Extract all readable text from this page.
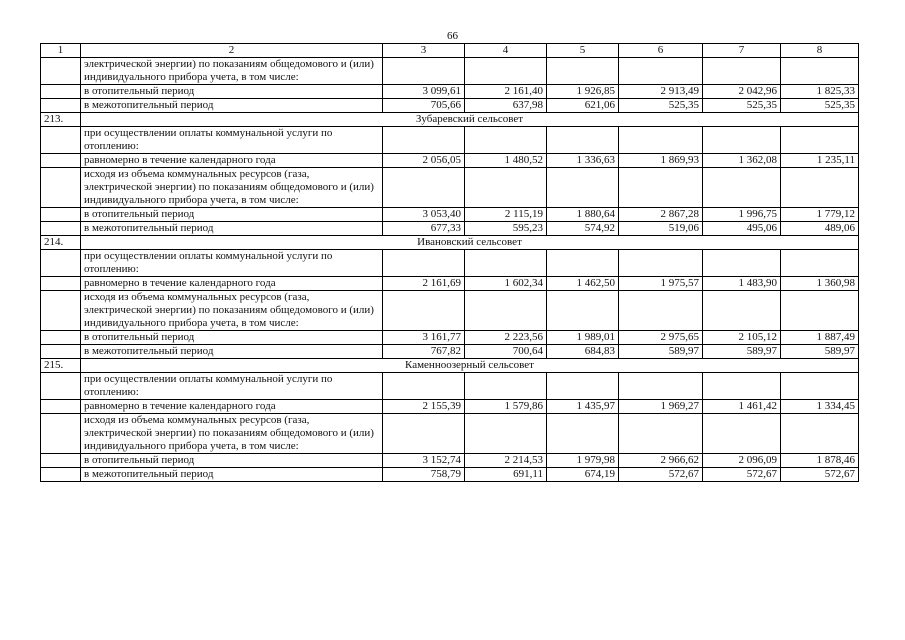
66
1	2	3	4	5	6	7	8
	электрической энергии) по показаниям общедомового и (или) индивидуального прибора учета, в том числе:						
	в отопительный период	3 099,61	2 161,40	1 926,85	2 913,49	2 042,96	1 825,33
	в межотопительный период	705,66	637,98	621,06	525,35	525,35	525,35
213.	Зубаревский сельсовет						
	при осуществлении оплаты коммунальной услуги по отоплению:						
	равномерно в течение календарного года	2 056,05	1 480,52	1 336,63	1 869,93	1 362,08	1 235,11
	исходя из объема коммунальных ресурсов (газа, электрической энергии) по показаниям общедомового и (или) индивидуального прибора учета, в том числе:						
	в отопительный период	3 053,40	2 115,19	1 880,64	2 867,28	1 996,75	1 779,12
	в межотопительный период	677,33	595,23	574,92	519,06	495,06	489,06
214.	Ивановский сельсовет						
	при осуществлении оплаты коммунальной услуги по отоплению:						
	равномерно в течение календарного года	2 161,69	1 602,34	1 462,50	1 975,57	1 483,90	1 360,98
	исходя из объема коммунальных ресурсов (газа, электрической энергии) по показаниям общедомового и (или) индивидуального прибора учета, в том числе:						
	в отопительный период	3 161,77	2 223,56	1 989,01	2 975,65	2 105,12	1 887,49
	в межотопительный период	767,82	700,64	684,83	589,97	589,97	589,97
215.	Каменноозерный сельсовет						
	при осуществлении оплаты коммунальной услуги по отоплению:						
	равномерно в течение календарного года	2 155,39	1 579,86	1 435,97	1 969,27	1 461,42	1 334,45
	исходя из объема коммунальных ресурсов (газа, электрической энергии) по показаниям общедомового и (или) индивидуального прибора учета, в том числе:						
	в отопительный период	3 152,74	2 214,53	1 979,98	2 966,62	2 096,09	1 878,46
	в межотопительный период	758,79	691,11	674,19	572,67	572,67	572,67
